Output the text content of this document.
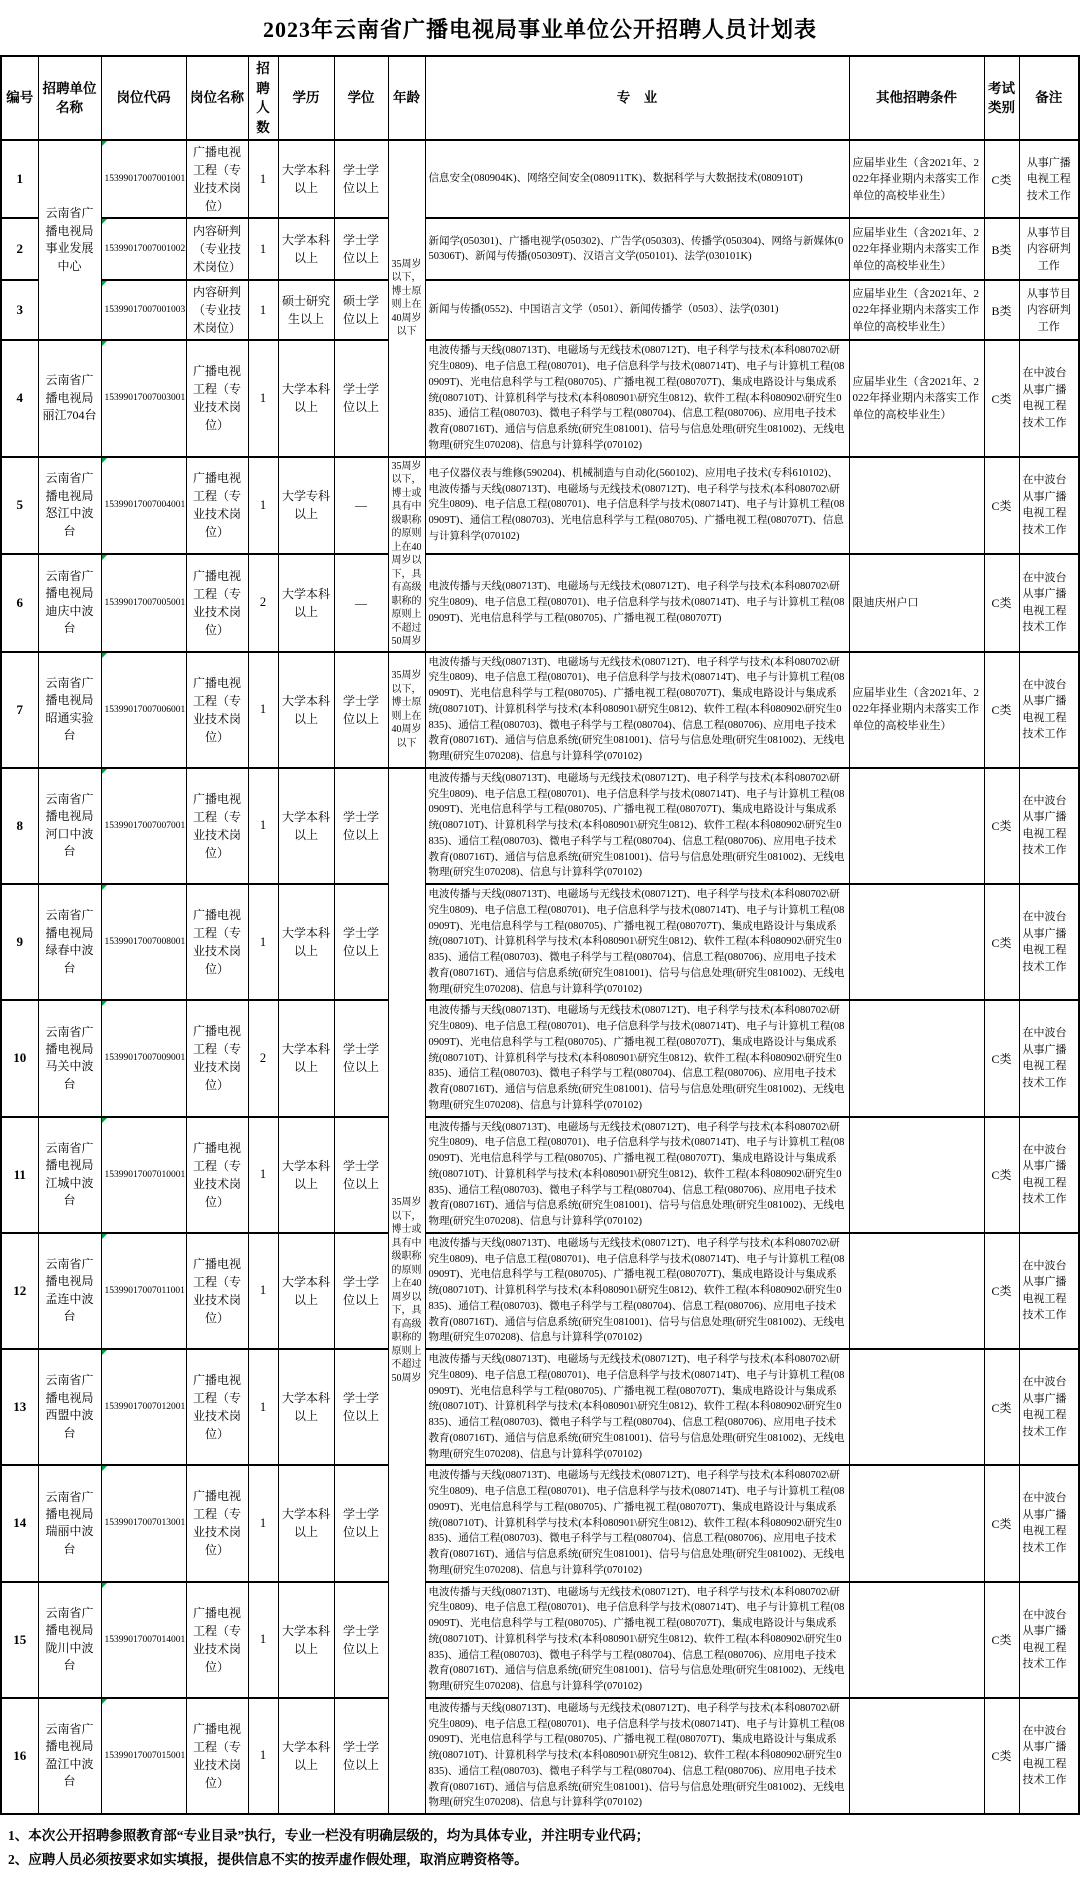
2023年云南省广播电视局事业单位公开招聘人员计划表
编号	招聘单位名称	岗位代码	岗位名称	招聘人数	学历	学位	年龄	专　业	其他招聘条件	考试类别	备注
1	云南省广播电视局事业发展中心	15399017007001001	广播电视工程（专业技术岗位）	1	大学本科以上	学士学位以上	35周岁以下，博士原则上在40周岁以下	信息安全(080904K)、网络空间安全(080911TK)、数据科学与大数据技术(080910T)	应届毕业生（含2021年、2022年择业期内未落实工作单位的高校毕业生）	C类	从事广播电视工程技术工作
2		15399017007001002	内容研判（专业技术岗位）	1	大学本科以上	学士学位以上		新闻学(050301)、广播电视学(050302)、广告学(050303)、传播学(050304)、网络与新媒体(050306T)、新闻与传播(050309T)、汉语言文学(050101)、法学(030101K)	应届毕业生（含2021年、2022年择业期内未落实工作单位的高校毕业生）	B类	从事节目内容研判工作
3		15399017007001003	内容研判（专业技术岗位）	1	硕士研究生以上	硕士学位以上		新闻与传播(0552)、中国语言文学（0501）、新闻传播学（0503）、法学(0301)	应届毕业生（含2021年、2022年择业期内未落实工作单位的高校毕业生）	B类	从事节目内容研判工作
4	云南省广播电视局丽江704台	15399017007003001	广播电视工程（专业技术岗位）	1	大学本科以上	学士学位以上		电波传播与天线(080713T)、电磁场与无线技术(080712T)、电子科学与技术(本科080702\研究生0809)、电子信息工程(080701)、电子信息科学与技术(080714T)、电子与计算机工程(080909T)、光电信息科学与工程(080705)、广播电视工程(080707T)、集成电路设计与集成系统(080710T)、计算机科学与技术(本科080901\研究生0812)、软件工程(本科080902\研究生0835)、通信工程(080703)、微电子科学与工程(080704)、信息工程(080706)、应用电子技术教育(080716T)、通信与信息系统(研究生081001)、信号与信息处理(研究生081002)、无线电物理(研究生070208)、信息与计算科学(070102)	应届毕业生（含2021年、2022年择业期内未落实工作单位的高校毕业生）	C类	在中波台从事广播电视工程技术工作
5	云南省广播电视局怒江中波台	15399017007004001	广播电视工程（专业技术岗位）	1	大学专科以上	—	35周岁以下，博士或具有中级职称的原则上在40周岁以下，具有高级职称的原则上不超过50周岁	电子仪器仪表与维修(590204)、机械制造与自动化(560102)、应用电子技术(专科610102)、电波传播与天线(080713T)、电磁场与无线技术(080712T)、电子科学与技术(本科080702\研究生0809)、电子信息工程(080701)、电子信息科学与技术(080714T)、电子与计算机工程(080909T)、通信工程(080703)、光电信息科学与工程(080705)、广播电视工程(080707T)、信息与计算科学(070102)		C类	在中波台从事广播电视工程技术工作
6	云南省广播电视局迪庆中波台	15399017007005001	广播电视工程（专业技术岗位）	2	大学本科以上	—		电波传播与天线(080713T)、电磁场与无线技术(080712T)、电子科学与技术(本科080702\研究生0809)、电子信息工程(080701)、电子信息科学与技术(080714T)、电子与计算机工程(080909T)、光电信息科学与工程(080705)、广播电视工程(080707T)	限迪庆州户口	C类	在中波台从事广播电视工程技术工作
7	云南省广播电视局昭通实验台	15399017007006001	广播电视工程（专业技术岗位）	1	大学本科以上	学士学位以上	35周岁以下，博士原则上在40周岁以下	电波传播与天线(080713T)、电磁场与无线技术(080712T)、电子科学与技术(本科080702\研究生0809)、电子信息工程(080701)、电子信息科学与技术(080714T)、电子与计算机工程(080909T)、光电信息科学与工程(080705)、广播电视工程(080707T)、集成电路设计与集成系统(080710T)、计算机科学与技术(本科080901\研究生0812)、软件工程(本科080902\研究生0835)、通信工程(080703)、微电子科学与工程(080704)、信息工程(080706)、应用电子技术教育(080716T)、通信与信息系统(研究生081001)、信号与信息处理(研究生081002)、无线电物理(研究生070208)、信息与计算科学(070102)	应届毕业生（含2021年、2022年择业期内未落实工作单位的高校毕业生）	C类	在中波台从事广播电视工程技术工作
8	云南省广播电视局河口中波台	15399017007007001	广播电视工程（专业技术岗位）	1	大学本科以上	学士学位以上	35周岁以下，博士或具有中级职称的原则上在40周岁以下，具有高级职称的原则上不超过50周岁	电波传播与天线(080713T)、电磁场与无线技术(080712T)、电子科学与技术(本科080702\研究生0809)、电子信息工程(080701)、电子信息科学与技术(080714T)、电子与计算机工程(080909T)、光电信息科学与工程(080705)、广播电视工程(080707T)、集成电路设计与集成系统(080710T)、计算机科学与技术(本科080901\研究生0812)、软件工程(本科080902\研究生0835)、通信工程(080703)、微电子科学与工程(080704)、信息工程(080706)、应用电子技术教育(080716T)、通信与信息系统(研究生081001)、信号与信息处理(研究生081002)、无线电物理(研究生070208)、信息与计算科学(070102)		C类	在中波台从事广播电视工程技术工作
9	云南省广播电视局绿春中波台	15399017007008001	广播电视工程（专业技术岗位）	1	大学本科以上	学士学位以上		电波传播与天线(080713T)、电磁场与无线技术(080712T)、电子科学与技术(本科080702\研究生0809)、电子信息工程(080701)、电子信息科学与技术(080714T)、电子与计算机工程(080909T)、光电信息科学与工程(080705)、广播电视工程(080707T)、集成电路设计与集成系统(080710T)、计算机科学与技术(本科080901\研究生0812)、软件工程(本科080902\研究生0835)、通信工程(080703)、微电子科学与工程(080704)、信息工程(080706)、应用电子技术教育(080716T)、通信与信息系统(研究生081001)、信号与信息处理(研究生081002)、无线电物理(研究生070208)、信息与计算科学(070102)		C类	在中波台从事广播电视工程技术工作
10	云南省广播电视局马关中波台	15399017007009001	广播电视工程（专业技术岗位）	2	大学本科以上	学士学位以上		电波传播与天线(080713T)、电磁场与无线技术(080712T)、电子科学与技术(本科080702\研究生0809)、电子信息工程(080701)、电子信息科学与技术(080714T)、电子与计算机工程(080909T)、光电信息科学与工程(080705)、广播电视工程(080707T)、集成电路设计与集成系统(080710T)、计算机科学与技术(本科080901\研究生0812)、软件工程(本科080902\研究生0835)、通信工程(080703)、微电子科学与工程(080704)、信息工程(080706)、应用电子技术教育(080716T)、通信与信息系统(研究生081001)、信号与信息处理(研究生081002)、无线电物理(研究生070208)、信息与计算科学(070102)		C类	在中波台从事广播电视工程技术工作
11	云南省广播电视局江城中波台	15399017007010001	广播电视工程（专业技术岗位）	1	大学本科以上	学士学位以上		电波传播与天线(080713T)、电磁场与无线技术(080712T)、电子科学与技术(本科080702\研究生0809)、电子信息工程(080701)、电子信息科学与技术(080714T)、电子与计算机工程(080909T)、光电信息科学与工程(080705)、广播电视工程(080707T)、集成电路设计与集成系统(080710T)、计算机科学与技术(本科080901\研究生0812)、软件工程(本科080902\研究生0835)、通信工程(080703)、微电子科学与工程(080704)、信息工程(080706)、应用电子技术教育(080716T)、通信与信息系统(研究生081001)、信号与信息处理(研究生081002)、无线电物理(研究生070208)、信息与计算科学(070102)		C类	在中波台从事广播电视工程技术工作
12	云南省广播电视局孟连中波台	15399017007011001	广播电视工程（专业技术岗位）	1	大学本科以上	学士学位以上		电波传播与天线(080713T)、电磁场与无线技术(080712T)、电子科学与技术(本科080702\研究生0809)、电子信息工程(080701)、电子信息科学与技术(080714T)、电子与计算机工程(080909T)、光电信息科学与工程(080705)、广播电视工程(080707T)、集成电路设计与集成系统(080710T)、计算机科学与技术(本科080901\研究生0812)、软件工程(本科080902\研究生0835)、通信工程(080703)、微电子科学与工程(080704)、信息工程(080706)、应用电子技术教育(080716T)、通信与信息系统(研究生081001)、信号与信息处理(研究生081002)、无线电物理(研究生070208)、信息与计算科学(070102)		C类	在中波台从事广播电视工程技术工作
13	云南省广播电视局西盟中波台	15399017007012001	广播电视工程（专业技术岗位）	1	大学本科以上	学士学位以上		电波传播与天线(080713T)、电磁场与无线技术(080712T)、电子科学与技术(本科080702\研究生0809)、电子信息工程(080701)、电子信息科学与技术(080714T)、电子与计算机工程(080909T)、光电信息科学与工程(080705)、广播电视工程(080707T)、集成电路设计与集成系统(080710T)、计算机科学与技术(本科080901\研究生0812)、软件工程(本科080902\研究生0835)、通信工程(080703)、微电子科学与工程(080704)、信息工程(080706)、应用电子技术教育(080716T)、通信与信息系统(研究生081001)、信号与信息处理(研究生081002)、无线电物理(研究生070208)、信息与计算科学(070102)		C类	在中波台从事广播电视工程技术工作
14	云南省广播电视局瑞丽中波台	15399017007013001	广播电视工程（专业技术岗位）	1	大学本科以上	学士学位以上		电波传播与天线(080713T)、电磁场与无线技术(080712T)、电子科学与技术(本科080702\研究生0809)、电子信息工程(080701)、电子信息科学与技术(080714T)、电子与计算机工程(080909T)、光电信息科学与工程(080705)、广播电视工程(080707T)、集成电路设计与集成系统(080710T)、计算机科学与技术(本科080901\研究生0812)、软件工程(本科080902\研究生0835)、通信工程(080703)、微电子科学与工程(080704)、信息工程(080706)、应用电子技术教育(080716T)、通信与信息系统(研究生081001)、信号与信息处理(研究生081002)、无线电物理(研究生070208)、信息与计算科学(070102)		C类	在中波台从事广播电视工程技术工作
15	云南省广播电视局陇川中波台	15399017007014001	广播电视工程（专业技术岗位）	1	大学本科以上	学士学位以上		电波传播与天线(080713T)、电磁场与无线技术(080712T)、电子科学与技术(本科080702\研究生0809)、电子信息工程(080701)、电子信息科学与技术(080714T)、电子与计算机工程(080909T)、光电信息科学与工程(080705)、广播电视工程(080707T)、集成电路设计与集成系统(080710T)、计算机科学与技术(本科080901\研究生0812)、软件工程(本科080902\研究生0835)、通信工程(080703)、微电子科学与工程(080704)、信息工程(080706)、应用电子技术教育(080716T)、通信与信息系统(研究生081001)、信号与信息处理(研究生081002)、无线电物理(研究生070208)、信息与计算科学(070102)		C类	在中波台从事广播电视工程技术工作
16	云南省广播电视局盈江中波台	15399017007015001	广播电视工程（专业技术岗位）	1	大学本科以上	学士学位以上		电波传播与天线(080713T)、电磁场与无线技术(080712T)、电子科学与技术(本科080702\研究生0809)、电子信息工程(080701)、电子信息科学与技术(080714T)、电子与计算机工程(080909T)、光电信息科学与工程(080705)、广播电视工程(080707T)、集成电路设计与集成系统(080710T)、计算机科学与技术(本科080901\研究生0812)、软件工程(本科080902\研究生0835)、通信工程(080703)、微电子科学与工程(080704)、信息工程(080706)、应用电子技术教育(080716T)、通信与信息系统(研究生081001)、信号与信息处理(研究生081002)、无线电物理(研究生070208)、信息与计算科学(070102)		C类	在中波台从事广播电视工程技术工作
1、本次公开招聘参照教育部“专业目录”执行，专业一栏没有明确层级的，均为具体专业，并注明专业代码；
2、应聘人员必须按要求如实填报，提供信息不实的按弄虚作假处理，取消应聘资格等。
